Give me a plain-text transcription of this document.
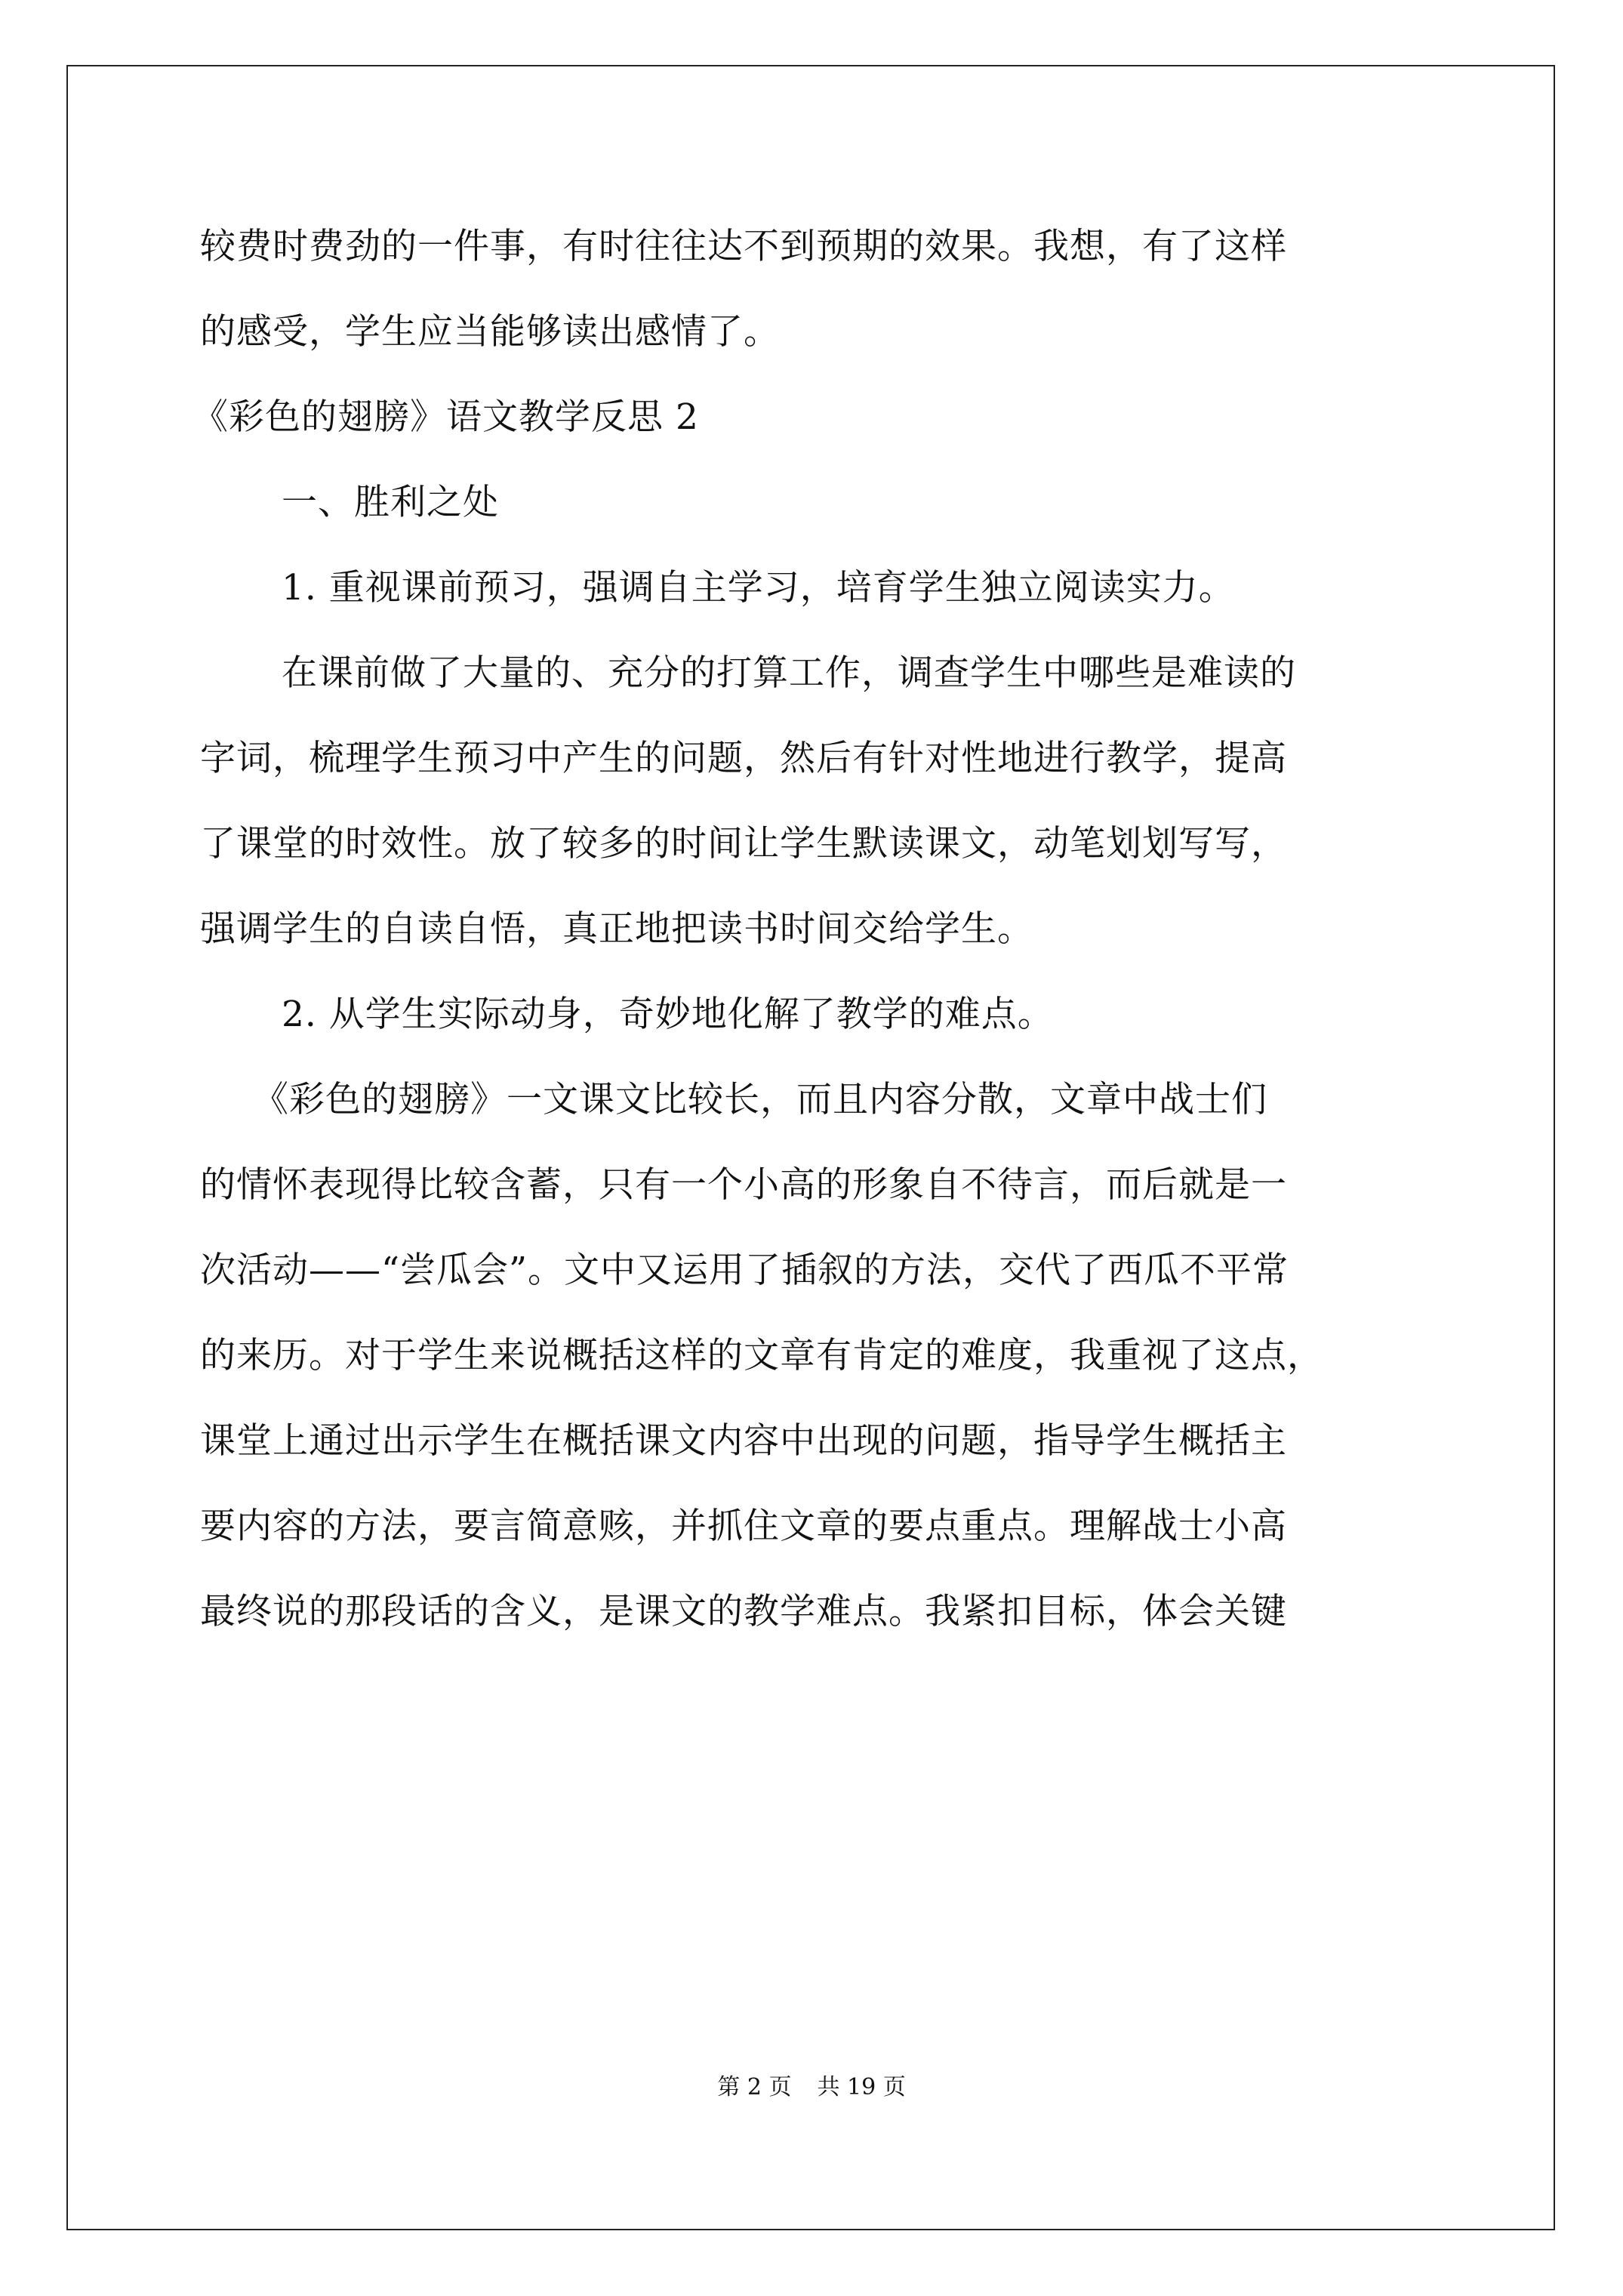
较费时费劲的一件事，有时往往达不到预期的效果。我想，有了这样
的感受，学生应当能够读出感情了。
《彩色的翅膀》语文教学反思 2
一、胜利之处
1. 重视课前预习，强调自主学习，培育学生独立阅读实力。
在课前做了大量的、充分的打算工作，调查学生中哪些是难读的
字词，梳理学生预习中产生的问题，然后有针对性地进行教学，提高
了课堂的时效性。放了较多的时间让学生默读课文，动笔划划写写，
强调学生的自读自悟，真正地把读书时间交给学生。
2. 从学生实际动身，奇妙地化解了教学的难点。
《彩色的翅膀》一文课文比较长，而且内容分散，文章中战士们
的情怀表现得比较含蓄，只有一个小高的形象自不待言，而后就是一
次活动——“尝瓜会”。文中又运用了插叙的方法，交代了西瓜不平常
的来历。对于学生来说概括这样的文章有肯定的难度，我重视了这点，
课堂上通过出示学生在概括课文内容中出现的问题，指导学生概括主
要内容的方法，要言简意赅，并抓住文章的要点重点。理解战士小高
最终说的那段话的含义，是课文的教学难点。我紧扣目标，体会关键
第 2 页 共 19 页
